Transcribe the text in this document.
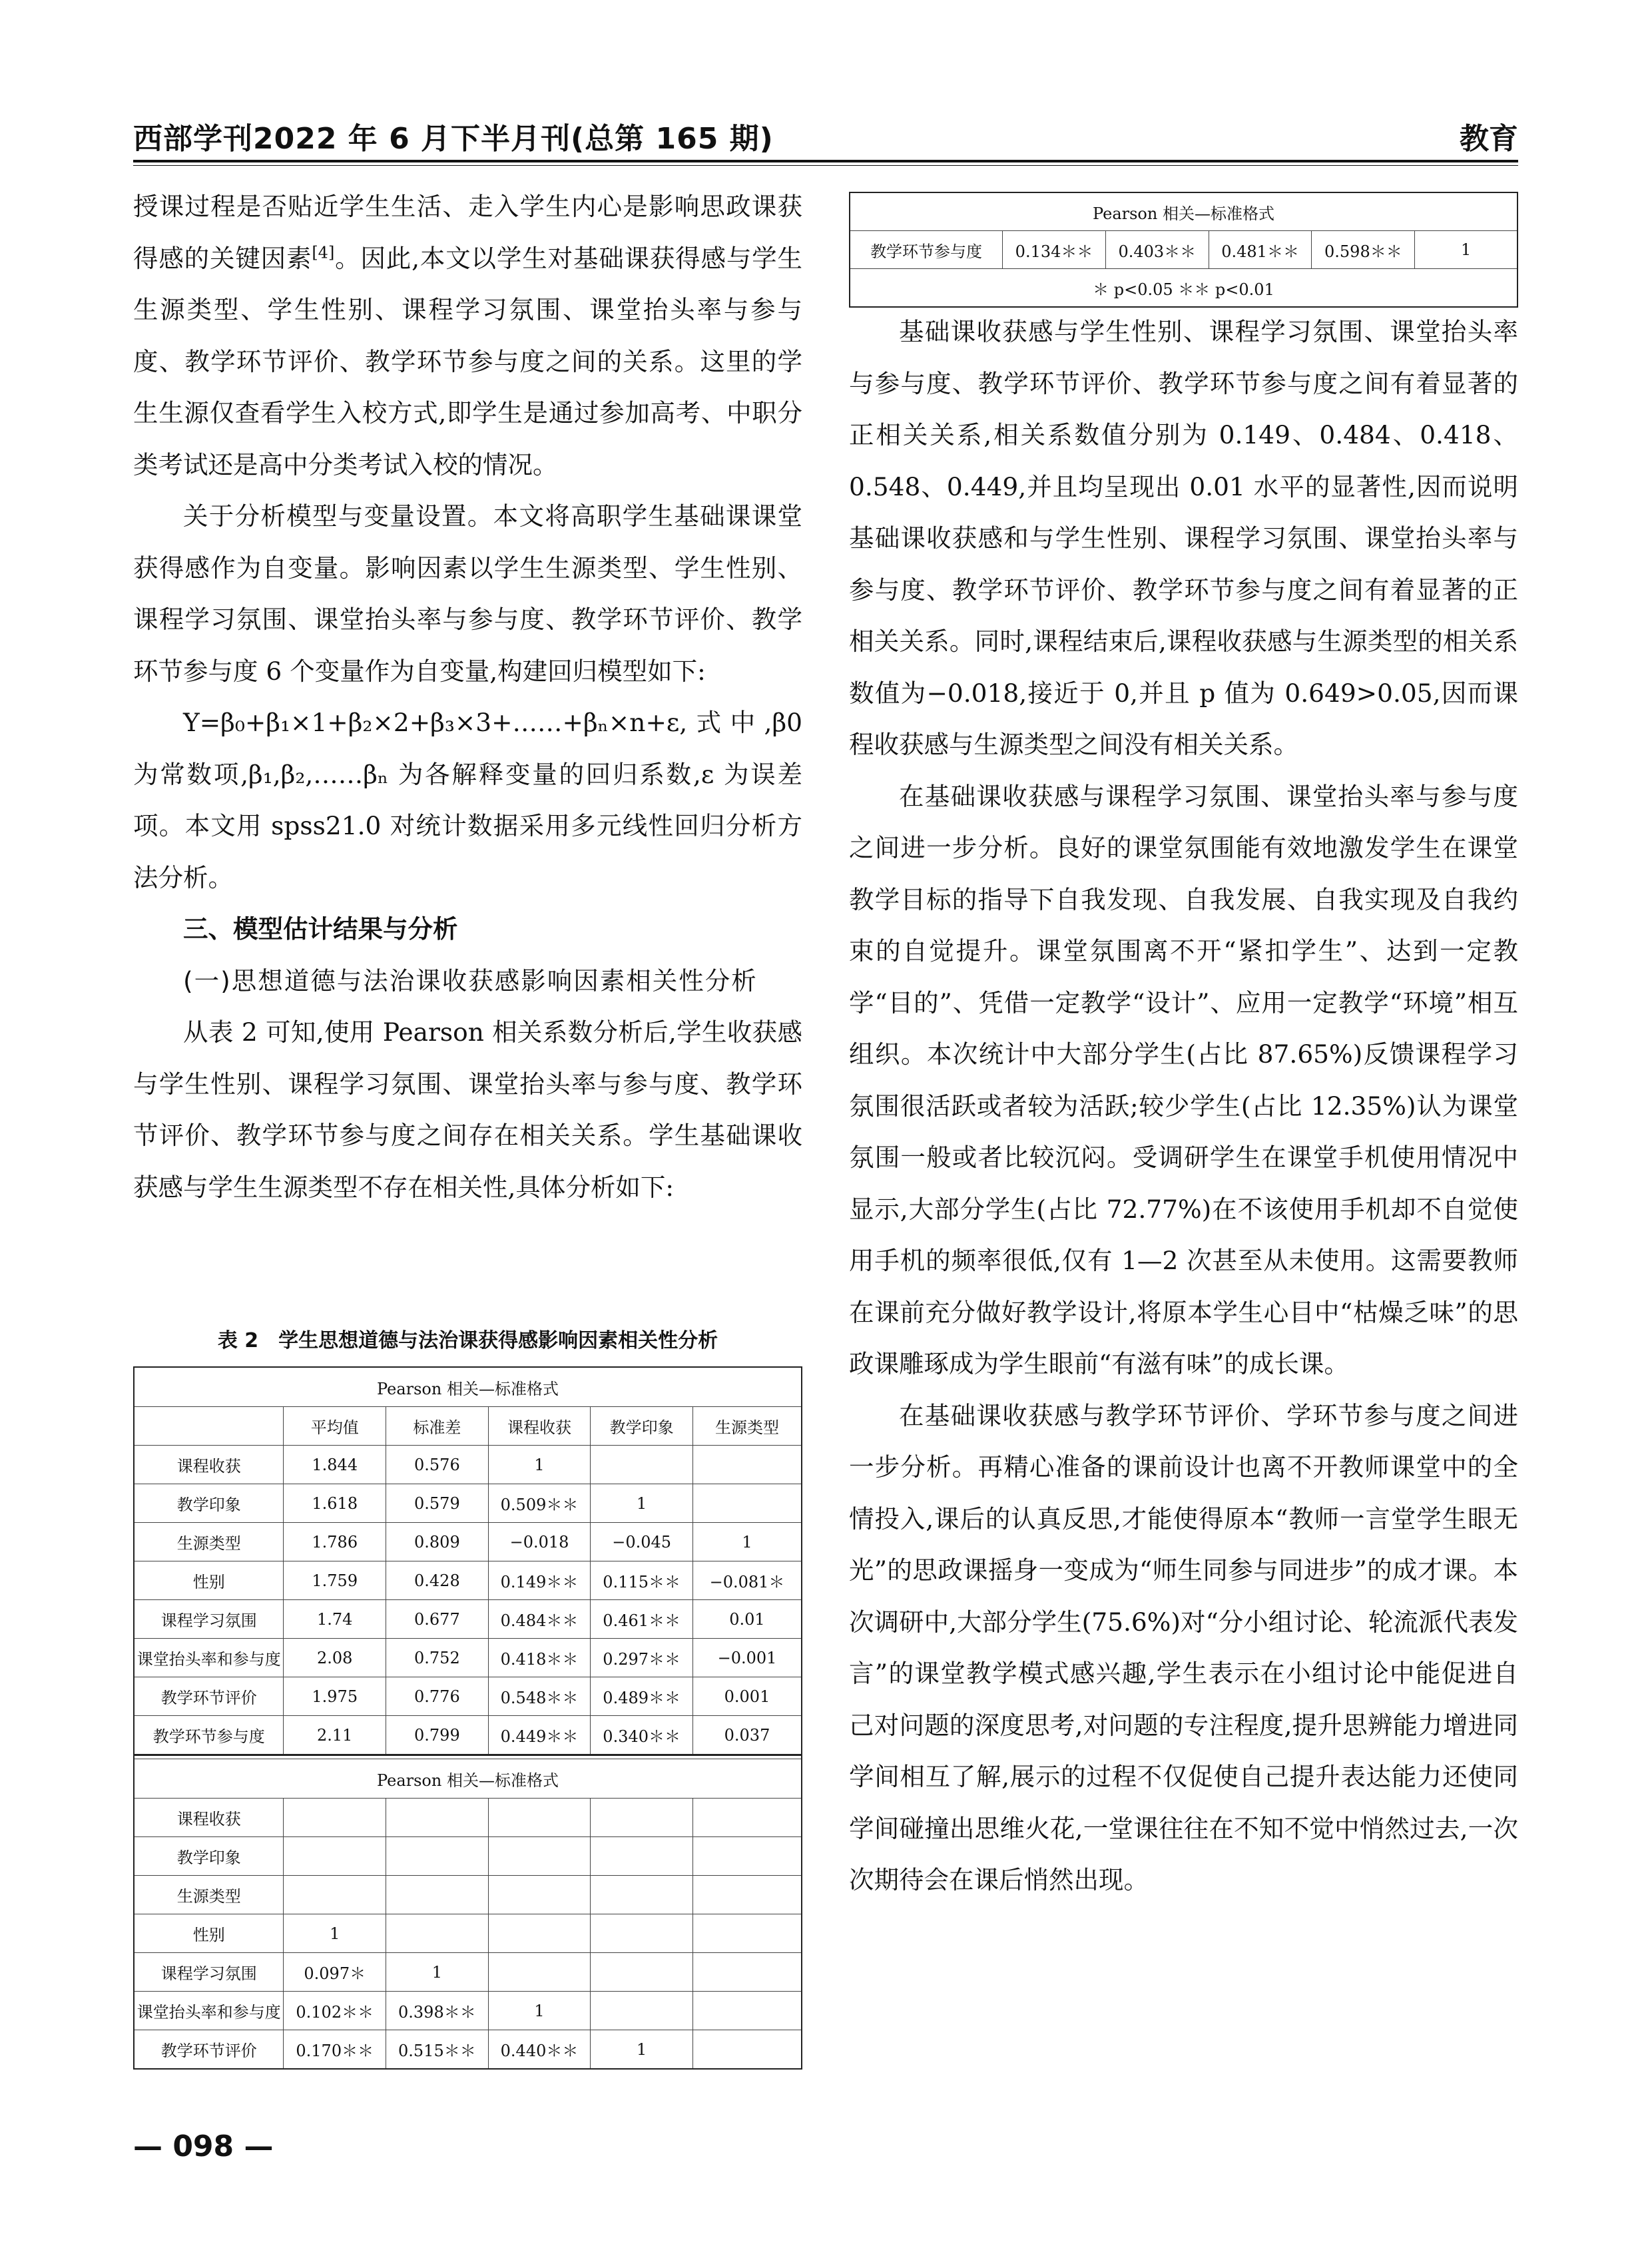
西部学刊2022 年 6 月下半月刊(总第 165 期)	教育

授课过程是否贴近学生生活、走入学生内心是影响思政课获得感的关键因素[4]。因此,本文以学生对基础课获得感与学生生源类型、学生性别、课程学习氛围、课堂抬头率与参与度、教学环节评价、教学环节参与度之间的关系。这里的学生生源仅查看学生入校方式,即学生是通过参加高考、中职分类考试还是高中分类考试入校的情况。

关于分析模型与变量设置。本文将高职学生基础课课堂获得感作为自变量。影响因素以学生生源类型、学生性别、课程学习氛围、课堂抬头率与参与度、教学环节评价、教学环节参与度 6 个变量作为自变量,构建回归模型如下:

Y=β₀+β₁×1+β₂×2+β₃×3+……+βₙ×n+ε,式中,β0 为常数项,β₁,β₂,……βₙ 为各解释变量的回归系数,ε 为误差项。本文用 spss21.0 对统计数据采用多元线性回归分析方法分析。

三、模型估计结果与分析

(一)思想道德与法治课收获感影响因素相关性分析

从表 2 可知,使用 Pearson 相关系数分析后,学生收获感与学生性别、课程学习氛围、课堂抬头率与参与度、教学环节评价、教学环节参与度之间存在相关关系。学生基础课收获感与学生生源类型不存在相关性,具体分析如下:

表 2　学生思想道德与法治课获得感影响因素相关性分析
Pearson 相关—标准格式					
	平均值	标准差	课程收获	教学印象	生源类型
课程收获	1.844	0.576	1		
教学印象	1.618	0.579	0.509＊＊	1	
生源类型	1.786	0.809	−0.018	−0.045	1
性别	1.759	0.428	0.149＊＊	0.115＊＊	−0.081＊
课程学习氛围	1.74	0.677	0.484＊＊	0.461＊＊	0.01
课堂抬头率和参与度	2.08	0.752	0.418＊＊	0.297＊＊	−0.001
教学环节评价	1.975	0.776	0.548＊＊	0.489＊＊	0.001
教学环节参与度	2.11	0.799	0.449＊＊	0.340＊＊	0.037

Pearson 相关—标准格式					
课程收获					
教学印象					
生源类型					
性别	1				
课程学习氛围	0.097＊	1			
课堂抬头率和参与度	0.102＊＊	0.398＊＊	1		
教学环节评价	0.170＊＊	0.515＊＊	0.440＊＊	1	
Pearson 相关—标准格式
教学环节参与度	0.134＊＊	0.403＊＊	0.481＊＊	0.598＊＊	1
＊ p<0.05 ＊＊ p<0.01

基础课收获感与学生性别、课程学习氛围、课堂抬头率与参与度、教学环节评价、教学环节参与度之间有着显著的正相关关系,相关系数值分别为 0.149、0.484、0.418、0.548、0.449,并且均呈现出 0.01 水平的显著性,因而说明基础课收获感和与学生性别、课程学习氛围、课堂抬头率与参与度、教学环节评价、教学环节参与度之间有着显著的正相关关系。同时,课程结束后,课程收获感与生源类型的相关系数值为−0.018,接近于 0,并且 p 值为 0.649>0.05,因而课程收获感与生源类型之间没有相关关系。

在基础课收获感与课程学习氛围、课堂抬头率与参与度之间进一步分析。良好的课堂氛围能有效地激发学生在课堂教学目标的指导下自我发现、自我发展、自我实现及自我约束的自觉提升。课堂氛围离不开“紧扣学生”、达到一定教学“目的”、凭借一定教学“设计”、应用一定教学“环境”相互组织。本次统计中大部分学生(占比 87.65%)反馈课程学习氛围很活跃或者较为活跃;较少学生(占比 12.35%)认为课堂氛围一般或者比较沉闷。受调研学生在课堂手机使用情况中显示,大部分学生(占比 72.77%)在不该使用手机却不自觉使用手机的频率很低,仅有 1—2 次甚至从未使用。这需要教师在课前充分做好教学设计,将原本学生心目中“枯燥乏味”的思政课雕琢成为学生眼前“有滋有味”的成长课。

在基础课收获感与教学环节评价、学环节参与度之间进一步分析。再精心准备的课前设计也离不开教师课堂中的全情投入,课后的认真反思,才能使得原本“教师一言堂学生眼无光”的思政课摇身一变成为“师生同参与同进步”的成才课。本次调研中,大部分学生(75.6%)对“分小组讨论、轮流派代表发言”的课堂教学模式感兴趣,学生表示在小组讨论中能促进自己对问题的深度思考,对问题的专注程度,提升思辨能力增进同学间相互了解,展示的过程不仅促使自己提升表达能力还使同学间碰撞出思维火花,一堂课往往在不知不觉中悄然过去,一次次期待会在课后悄然出现。

— 098 —
